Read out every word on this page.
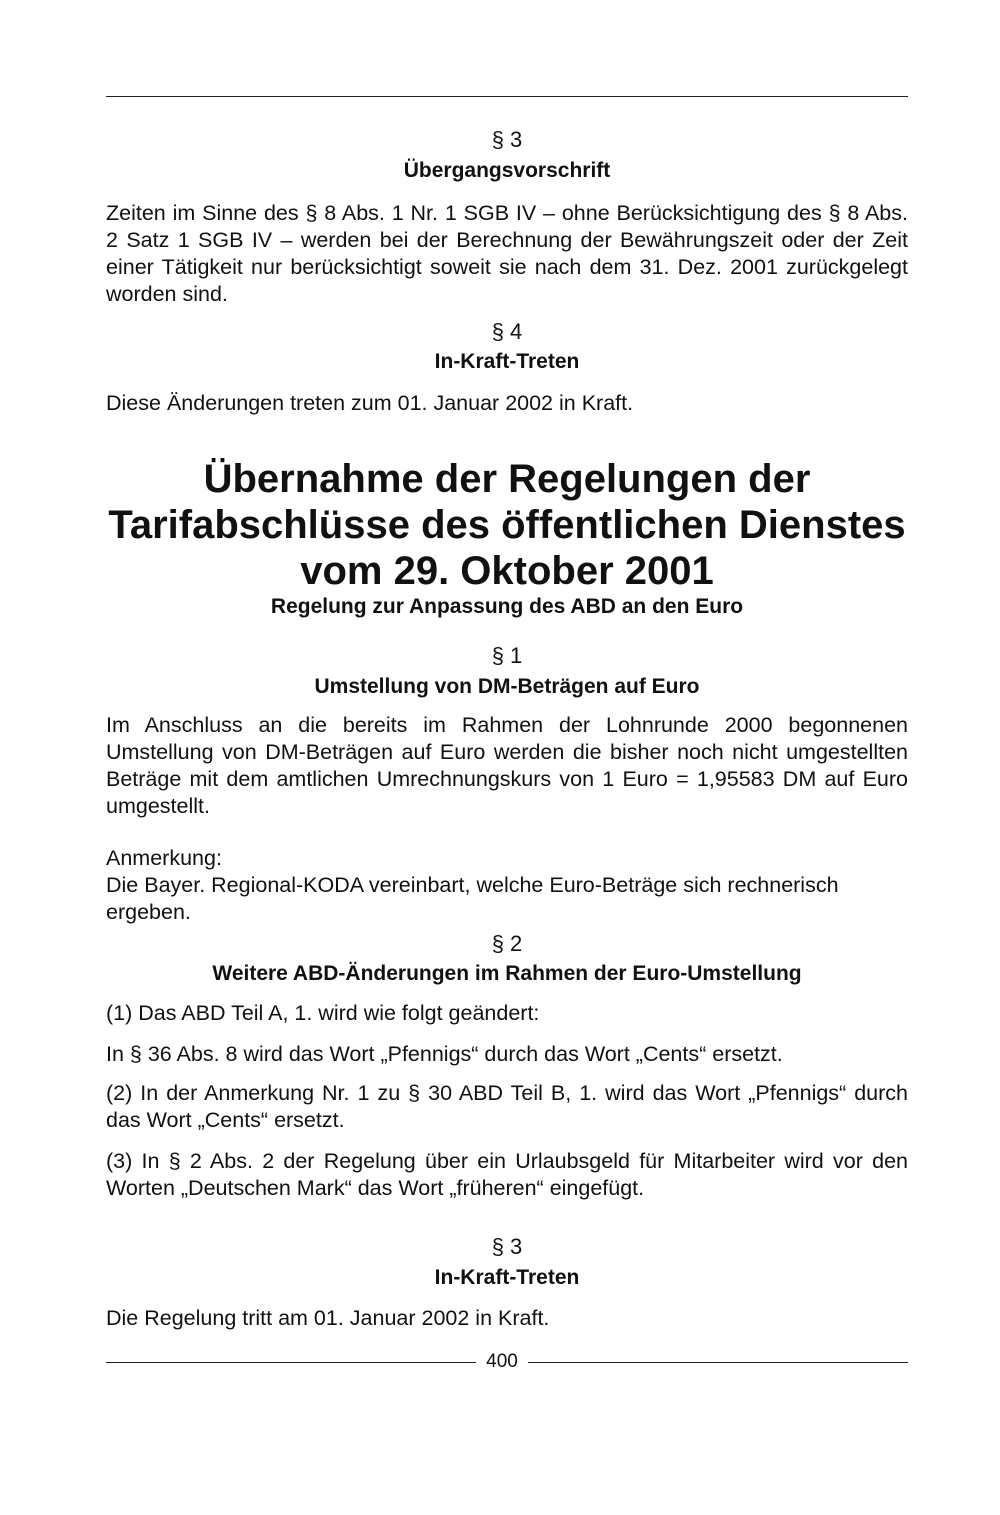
§ 3
Übergangsvorschrift

Zeiten im Sinne des § 8 Abs. 1 Nr. 1 SGB IV – ohne Berücksichtigung des § 8 Abs. 2 Satz 1 SGB IV – werden bei der Berechnung der Bewährungszeit oder der Zeit einer Tätigkeit nur berücksichtigt soweit sie nach dem 31. Dez. 2001 zurückgelegt worden sind.

§ 4
In-Kraft-Treten

Diese Änderungen treten zum 01. Januar 2002 in Kraft.

Übernahme der Regelungen der
Tarifabschlüsse des öffentlichen Dienstes
vom 29. Oktober 2001
Regelung zur Anpassung des ABD an den Euro
§ 1
Umstellung von DM-Beträgen auf Euro

Im Anschluss an die bereits im Rahmen der Lohnrunde 2000 begonnenen Umstellung von DM-Beträgen auf Euro werden die bisher noch nicht umgestellten Beträge mit dem amtlichen Umrechnungskurs von 1 Euro = 1,95583 DM auf Euro umgestellt.

Anmerkung:

Die Bayer. Regional-KODA vereinbart, welche Euro-Beträge sich rechnerisch ergeben.

§ 2
Weitere ABD-Änderungen im Rahmen der Euro-Umstellung

(1) Das ABD Teil A, 1. wird wie folgt geändert:

In § 36 Abs. 8 wird das Wort „Pfennigs“ durch das Wort „Cents“ ersetzt.

(2) In der Anmerkung Nr. 1 zu § 30 ABD Teil B, 1. wird das Wort „Pfennigs“ durch das Wort „Cents“ ersetzt.

(3) In § 2 Abs. 2 der Regelung über ein Urlaubsgeld für Mitarbeiter wird vor den Worten „Deutschen Mark“ das Wort „früheren“ eingefügt.

§ 3
In-Kraft-Treten

Die Regelung tritt am 01. Januar 2002 in Kraft.

400
